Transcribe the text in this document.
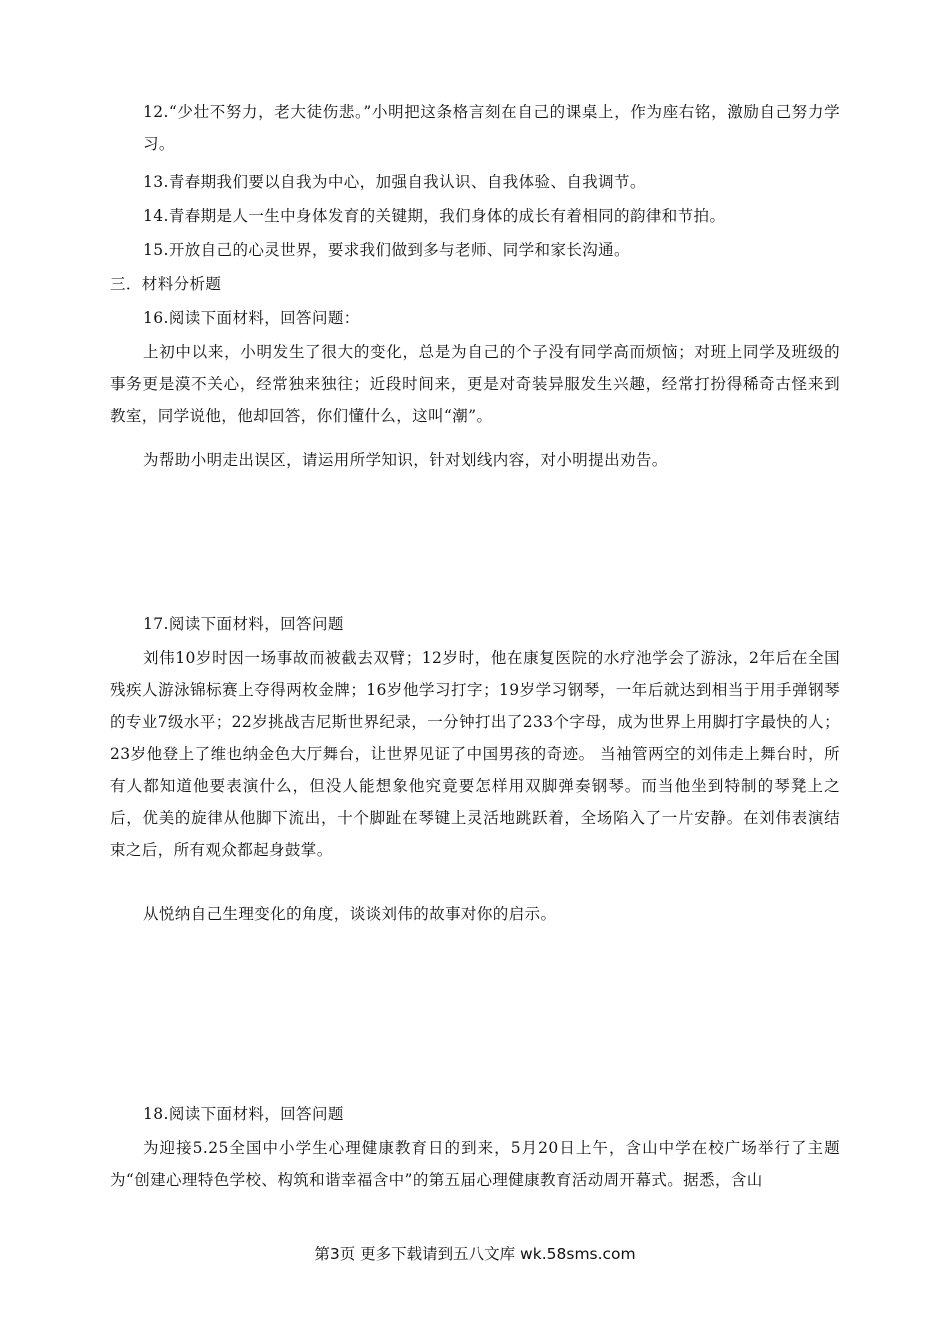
12.“少壮不努力，老大徒伤悲。”小明把这条格言刻在自己的课桌上，作为座右铭，激励自己努力学习。

13.青春期我们要以自我为中心，加强自我认识、自我体验、自我调节。

14.青春期是人一生中身体发育的关键期，我们身体的成长有着相同的韵律和节拍。

15.开放自己的心灵世界，要求我们做到多与老师、同学和家长沟通。

三．材料分析题

16.阅读下面材料，回答问题：

上初中以来，小明发生了很大的变化，总是为自己的个子没有同学高而烦恼；对班上同学及班级的事务更是漠不关心，经常独来独往；近段时间来，更是对奇装异服发生兴趣，经常打扮得稀奇古怪来到教室，同学说他，他却回答，你们懂什么，这叫“潮”。

为帮助小明走出误区，请运用所学知识，针对划线内容，对小明提出劝告。

17.阅读下面材料，回答问题

刘伟10岁时因一场事故而被截去双臂；12岁时，他在康复医院的水疗池学会了游泳，2年后在全国残疾人游泳锦标赛上夺得两枚金牌；16岁他学习打字；19岁学习钢琴，一年后就达到相当于用手弹钢琴的专业7级水平；22岁挑战吉尼斯世界纪录，一分钟打出了233个字母，成为世界上用脚打字最快的人；23岁他登上了维也纳金色大厅舞台，让世界见证了中国男孩的奇迹。 当袖管两空的刘伟走上舞台时，所有人都知道他要表演什么，但没人能想象他究竟要怎样用双脚弹奏钢琴。而当他坐到特制的琴凳上之后，优美的旋律从他脚下流出，十个脚趾在琴键上灵活地跳跃着，全场陷入了一片安静。在刘伟表演结束之后，所有观众都起身鼓掌。

从悦纳自己生理变化的角度，谈谈刘伟的故事对你的启示。

18.阅读下面材料，回答问题

为迎接5.25全国中小学生心理健康教育日的到来，5月20日上午，含山中学在校广场举行了主题为“创建心理特色学校、构筑和谐幸福含中”的第五届心理健康教育活动周开幕式。据悉，含山

第3页 更多下载请到五八文库 wk.58sms.com
